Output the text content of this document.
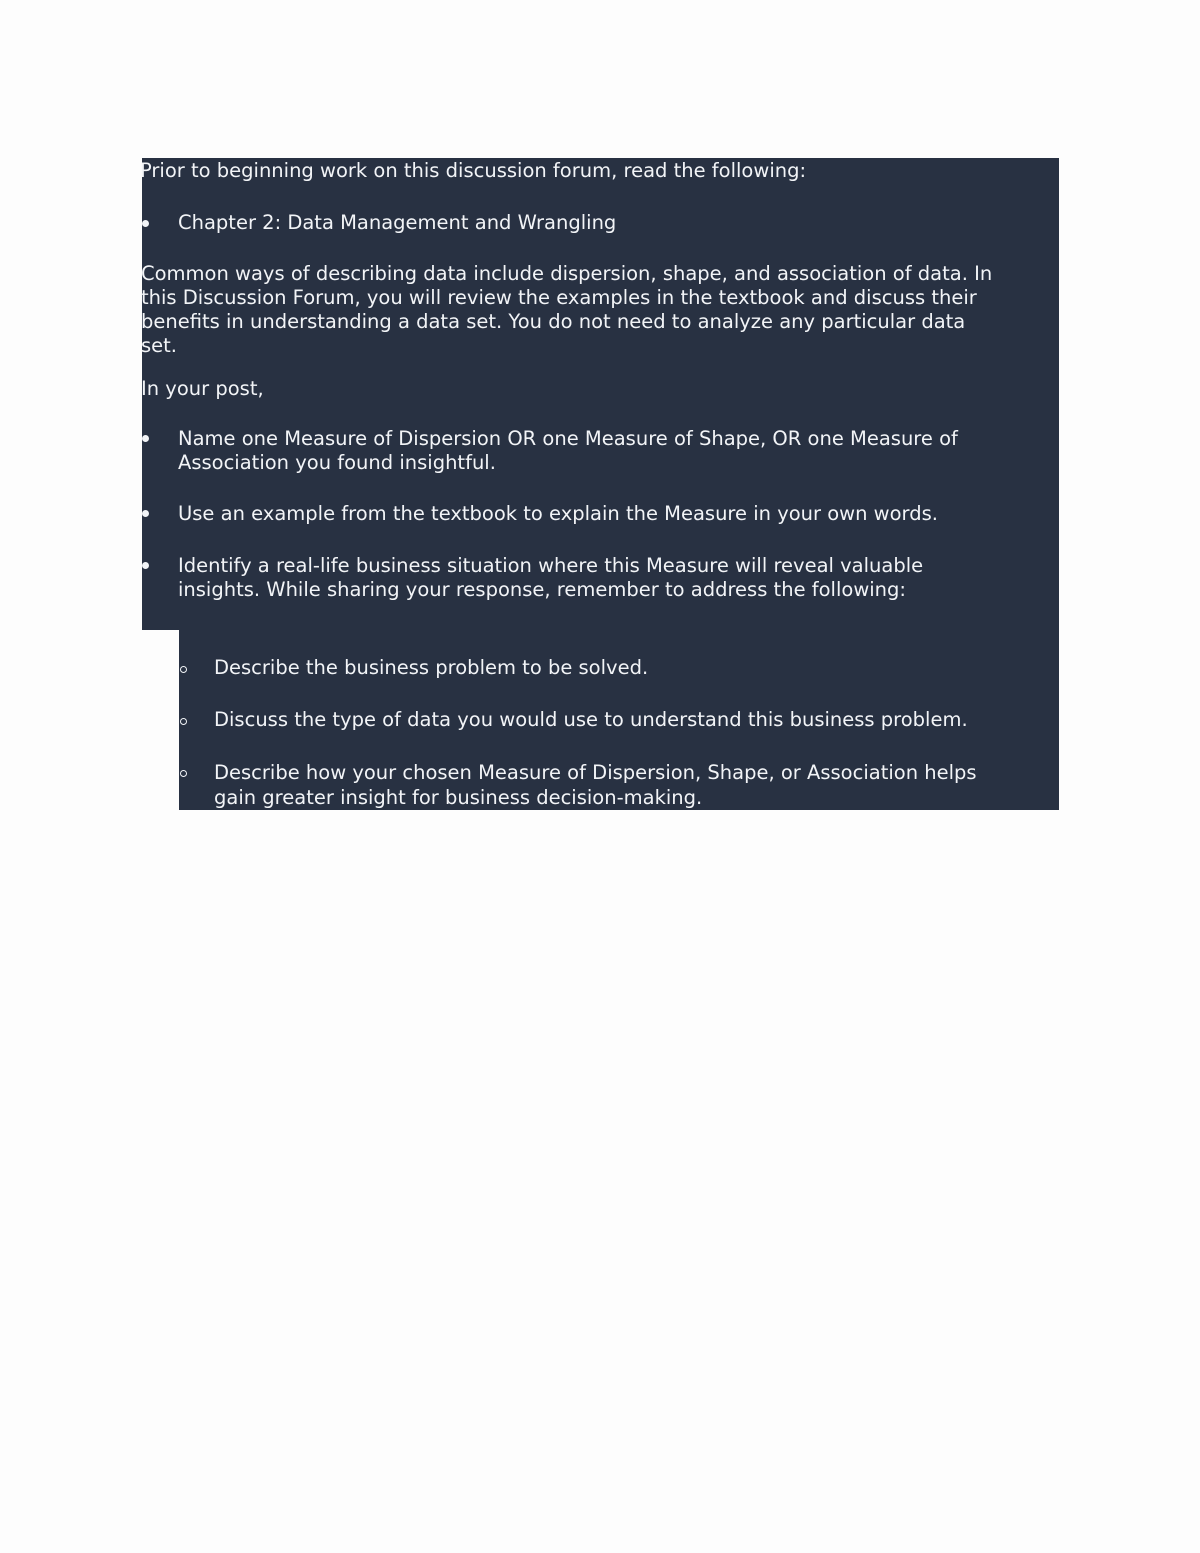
Prior to beginning work on this discussion forum, read the following:
Chapter 2: Data Management and Wrangling
Common ways of describing data include dispersion, shape, and association of data. In
this Discussion Forum, you will review the examples in the textbook and discuss their
benefits in understanding a data set. You do not need to analyze any particular data
set.
In your post,
Name one Measure of Dispersion OR one Measure of Shape, OR one Measure of
Association you found insightful.
Use an example from the textbook to explain the Measure in your own words.
Identify a real-life business situation where this Measure will reveal valuable
insights. While sharing your response, remember to address the following:
Describe the business problem to be solved.
Discuss the type of data you would use to understand this business problem.
Describe how your chosen Measure of Dispersion, Shape, or Association helps
gain greater insight for business decision-making.
